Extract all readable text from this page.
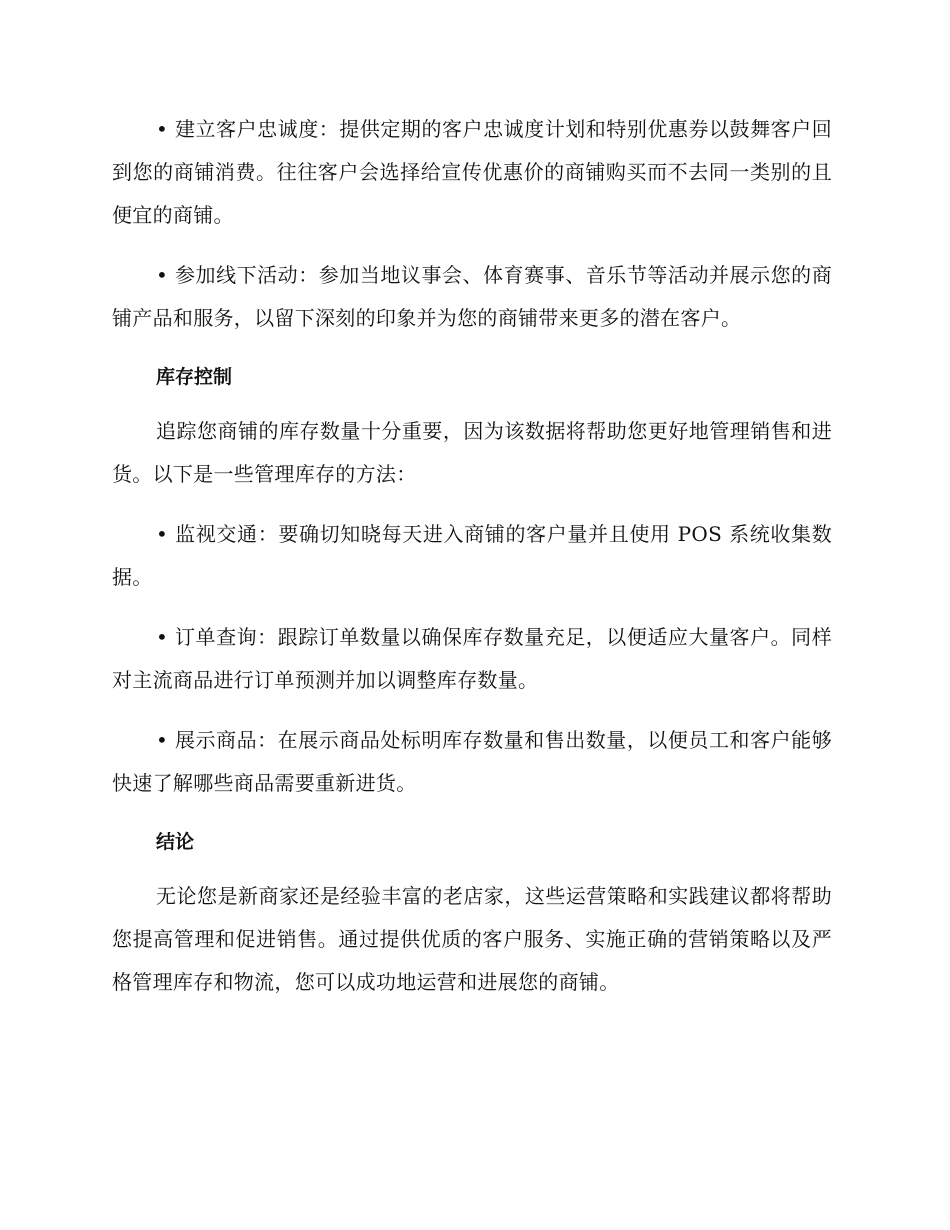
• 建立客户忠诚度：提供定期的客户忠诚度计划和特别优惠券以鼓舞客户回到您的商铺消费。往往客户会选择给宣传优惠价的商铺购买而不去同一类别的且便宜的商铺。

• 参加线下活动：参加当地议事会、体育赛事、音乐节等活动并展示您的商铺产品和服务，以留下深刻的印象并为您的商铺带来更多的潜在客户。

库存控制

追踪您商铺的库存数量十分重要，因为该数据将帮助您更好地管理销售和进货。以下是一些管理库存的方法：

• 监视交通：要确切知晓每天进入商铺的客户量并且使用 POS 系统收集数据。

• 订单查询：跟踪订单数量以确保库存数量充足，以便适应大量客户。同样对主流商品进行订单预测并加以调整库存数量。

• 展示商品：在展示商品处标明库存数量和售出数量，以便员工和客户能够快速了解哪些商品需要重新进货。

结论

无论您是新商家还是经验丰富的老店家，这些运营策略和实践建议都将帮助您提高管理和促进销售。通过提供优质的客户服务、实施正确的营销策略以及严格管理库存和物流，您可以成功地运营和进展您的商铺。
